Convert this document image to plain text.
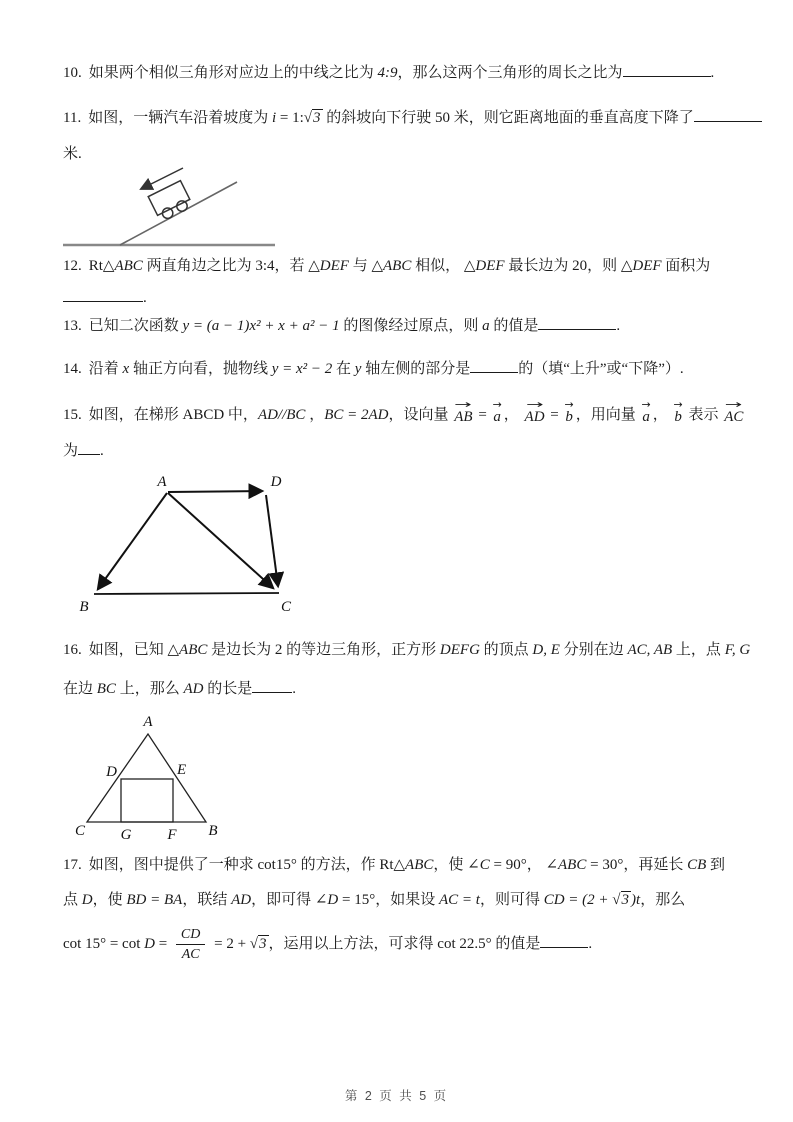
10. 如果两个相似三角形对应边上的中线之比为 4:9，那么这两个三角形的周长之比为	.

11. 如图，一辆汽车沿着坡度为 i = 1:√3 的斜坡向下行驶 50 米，则它距离地面的垂直高度下降了

米.

12. Rt△ABC 两直角边之比为 3:4，若 △DEF 与 △ABC 相似， △DEF 最长边为 20，则 △DEF 面积为

.

13. 已知二次函数 y = (a − 1)x² + x + a² − 1 的图像经过原点，则 a 的值是	.

14. 沿着 x 轴正方向看，抛物线 y = x² − 2 在 y 轴左侧的部分是	的（填“上升”或“下降”）.

15. 如图，在梯形 ABCD 中，AD//BC ，BC = 2AD，设向量
→
AB =
→
a ，
→
AD =
→
b ，用向量
→
a ，
→
b 表示
→
AC

为 .

A	D
B	C

16. 如图，已知 △ABC 是边长为 2 的等边三角形，正方形 DEFG 的顶点 D, E 分别在边 AC, AB 上，点 F, G

在边 BC 上，那么 AD 的长是	.

A
D	E
C G F B

17. 如图，图中提供了一种求 cot15° 的方法，作 Rt△ABC，使 ∠C = 90°， ∠ABC = 30°，再延长 CB 到

点 D，使 BD = BA，联结 AD，即可得 ∠D = 15°，如果设 AC = t，则可得 CD = (2 + √3 )t，那么

$\cot 15^\circ = \cot D = \frac{CD}{AC} = 2 + √3$ ，运用以上方法，可求得 cot 22.5° 的值是	.

第 2 页 共 5 页
